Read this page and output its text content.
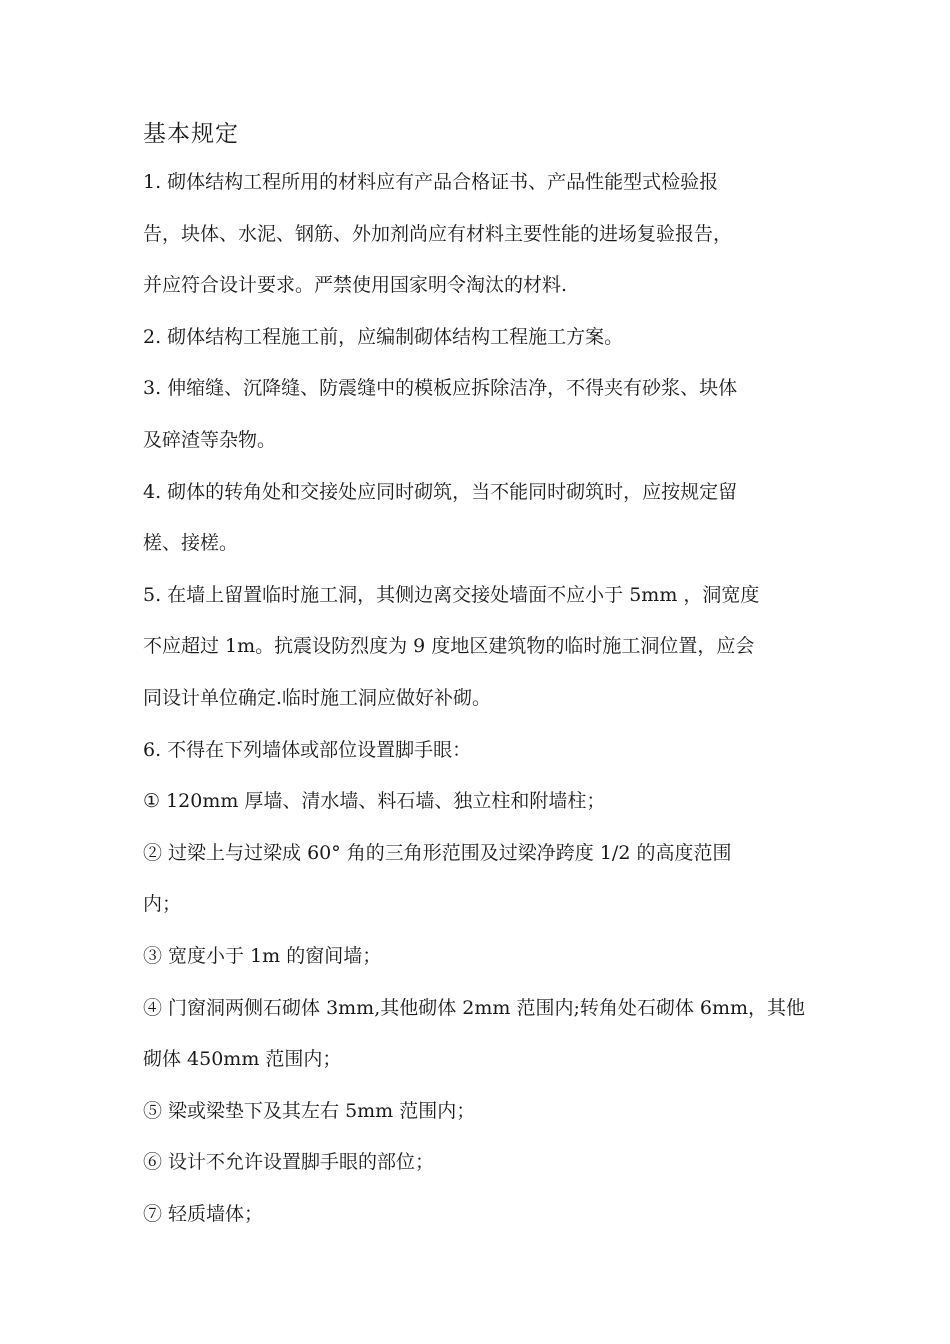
基本规定
1. 砌体结构工程所用的材料应有产品合格证书、产品性能型式检验报
告，块体、水泥、钢筋、外加剂尚应有材料主要性能的进场复验报告，
并应符合设计要求。严禁使用国家明令淘汰的材料.
2. 砌体结构工程施工前，应编制砌体结构工程施工方案。
3. 伸缩缝、沉降缝、防震缝中的模板应拆除洁净，不得夹有砂浆、块体
及碎渣等杂物。
4. 砌体的转角处和交接处应同时砌筑，当不能同时砌筑时，应按规定留
槎、接槎。
5. 在墙上留置临时施工洞，其侧边离交接处墙面不应小于 5mm ，洞宽度
不应超过 1m。抗震设防烈度为 9 度地区建筑物的临时施工洞位置，应会
同设计单位确定.临时施工洞应做好补砌。
6. 不得在下列墙体或部位设置脚手眼：
① 120mm 厚墙、清水墙、料石墙、独立柱和附墙柱；
② 过梁上与过梁成 60° 角的三角形范围及过梁净跨度 1/2 的高度范围
内；
③ 宽度小于 1m 的窗间墙；
④ 门窗洞两侧石砌体 3mm,其他砌体 2mm 范围内;转角处石砌体 6mm，其他
砌体 450mm 范围内；
⑤ 梁或梁垫下及其左右 5mm 范围内；
⑥ 设计不允许设置脚手眼的部位；
⑦ 轻质墙体；
